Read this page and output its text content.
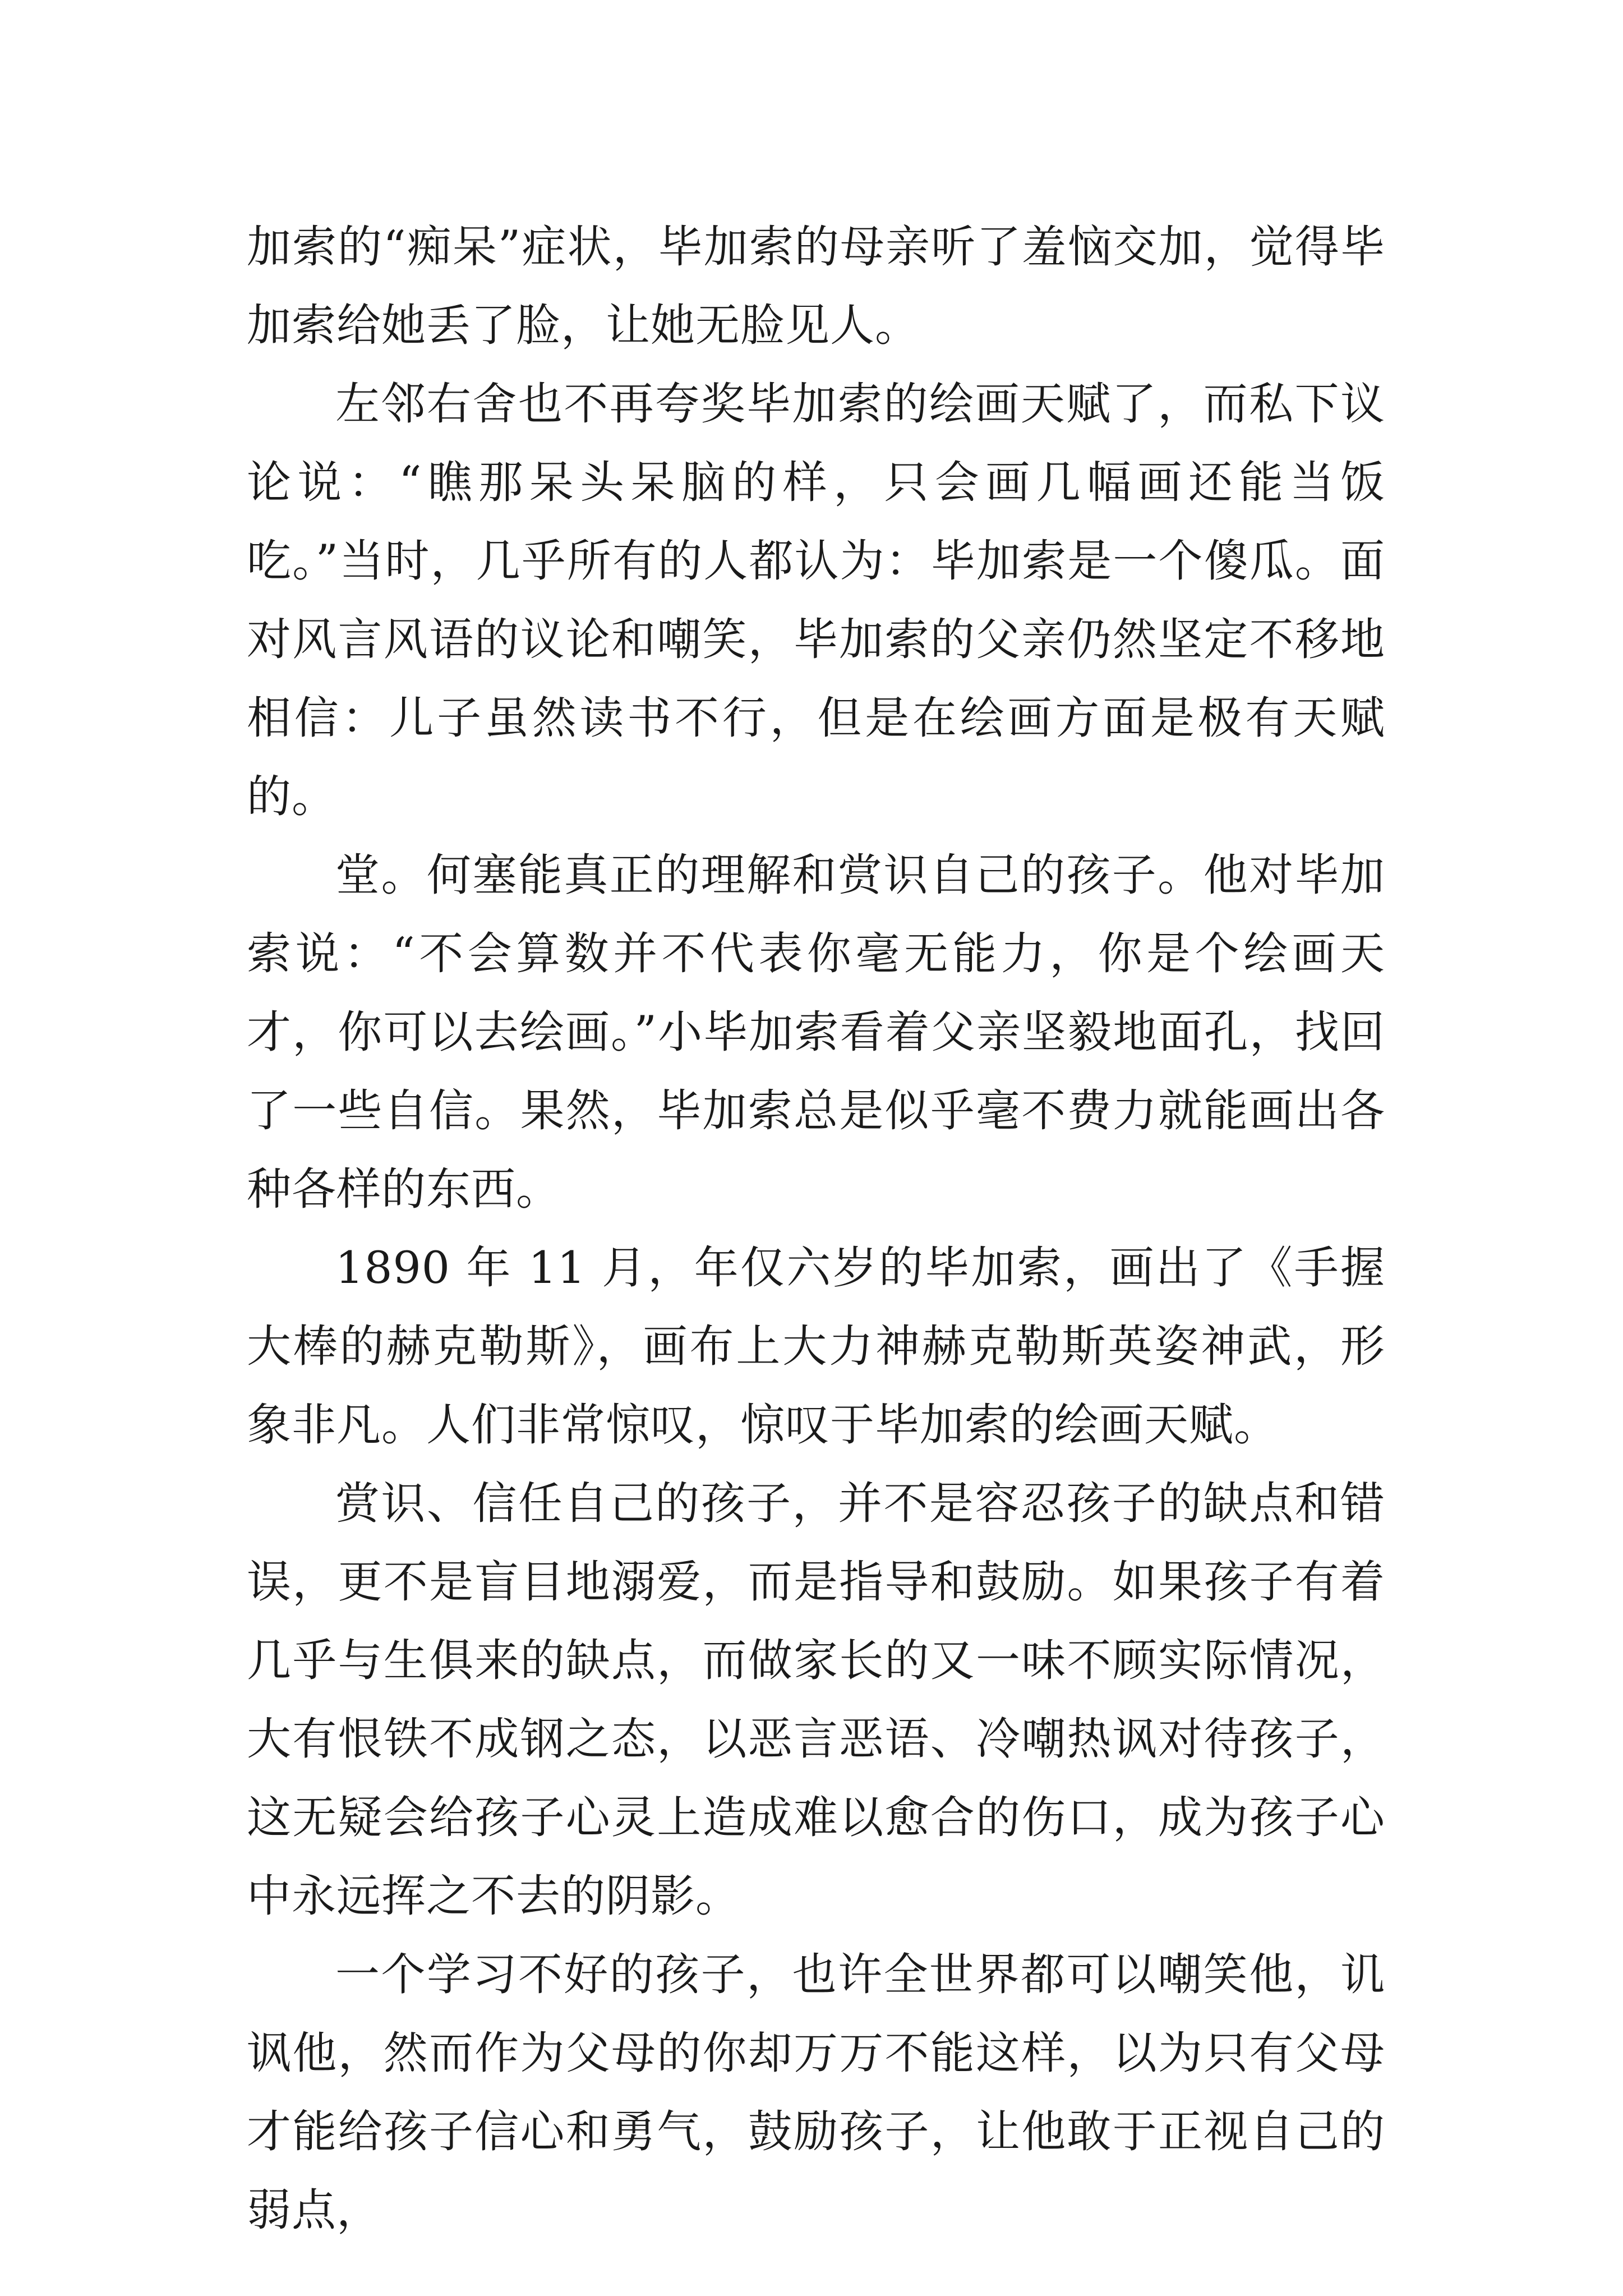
加索的“痴呆”症状，毕加索的母亲听了羞恼交加，觉得毕加索给她丢了脸，让她无脸见人。

左邻右舍也不再夸奖毕加索的绘画天赋了，而私下议论说：“瞧那呆头呆脑的样，只会画几幅画还能当饭吃。”当时，几乎所有的人都认为：毕加索是一个傻瓜。面对风言风语的议论和嘲笑，毕加索的父亲仍然坚定不移地相信：儿子虽然读书不行，但是在绘画方面是极有天赋的。

堂。何塞能真正的理解和赏识自己的孩子。他对毕加索说：“不会算数并不代表你毫无能力，你是个绘画天才，你可以去绘画。”小毕加索看着父亲坚毅地面孔，找回了一些自信。果然，毕加索总是似乎毫不费力就能画出各种各样的东西。

1890 年 11 月，年仅六岁的毕加索，画出了《手握大棒的赫克勒斯》，画布上大力神赫克勒斯英姿神武，形象非凡。人们非常惊叹，惊叹于毕加索的绘画天赋。

赏识、信任自己的孩子，并不是容忍孩子的缺点和错误，更不是盲目地溺爱，而是指导和鼓励。如果孩子有着几乎与生俱来的缺点，而做家长的又一味不顾实际情况，大有恨铁不成钢之态，以恶言恶语、冷嘲热讽对待孩子，这无疑会给孩子心灵上造成难以愈合的伤口，成为孩子心中永远挥之不去的阴影。

一个学习不好的孩子，也许全世界都可以嘲笑他，讥讽他，然而作为父母的你却万万不能这样，以为只有父母才能给孩子信心和勇气，鼓励孩子，让他敢于正视自己的弱点，
